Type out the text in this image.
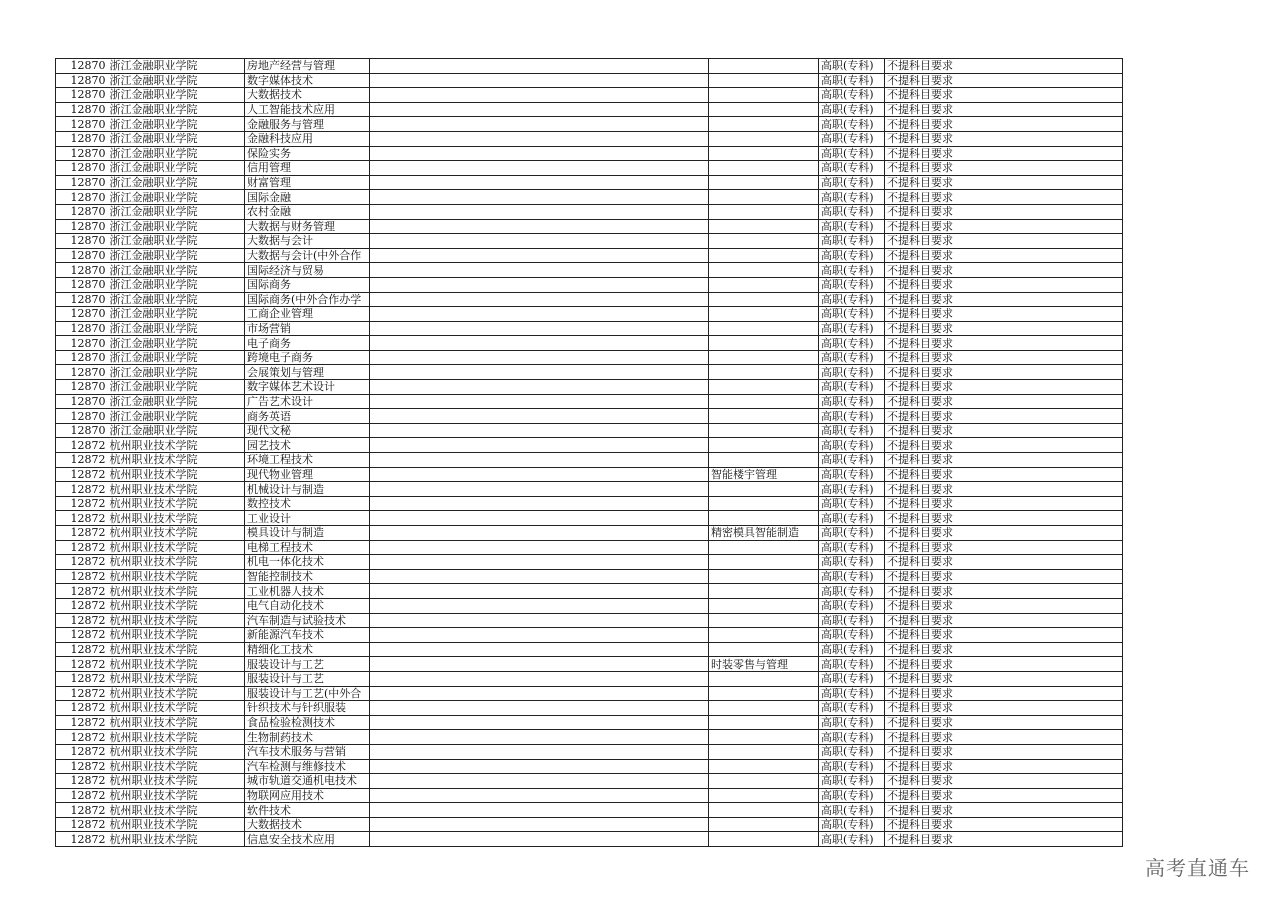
12870	浙江金融职业学院	房地产经营与管理			高职(专科)	不提科目要求
12870	浙江金融职业学院	数字媒体技术			高职(专科)	不提科目要求
12870	浙江金融职业学院	大数据技术			高职(专科)	不提科目要求
12870	浙江金融职业学院	人工智能技术应用			高职(专科)	不提科目要求
12870	浙江金融职业学院	金融服务与管理			高职(专科)	不提科目要求
12870	浙江金融职业学院	金融科技应用			高职(专科)	不提科目要求
12870	浙江金融职业学院	保险实务			高职(专科)	不提科目要求
12870	浙江金融职业学院	信用管理			高职(专科)	不提科目要求
12870	浙江金融职业学院	财富管理			高职(专科)	不提科目要求
12870	浙江金融职业学院	国际金融			高职(专科)	不提科目要求
12870	浙江金融职业学院	农村金融			高职(专科)	不提科目要求
12870	浙江金融职业学院	大数据与财务管理			高职(专科)	不提科目要求
12870	浙江金融职业学院	大数据与会计			高职(专科)	不提科目要求
12870	浙江金融职业学院	大数据与会计(中外合作			高职(专科)	不提科目要求
12870	浙江金融职业学院	国际经济与贸易			高职(专科)	不提科目要求
12870	浙江金融职业学院	国际商务			高职(专科)	不提科目要求
12870	浙江金融职业学院	国际商务(中外合作办学			高职(专科)	不提科目要求
12870	浙江金融职业学院	工商企业管理			高职(专科)	不提科目要求
12870	浙江金融职业学院	市场营销			高职(专科)	不提科目要求
12870	浙江金融职业学院	电子商务			高职(专科)	不提科目要求
12870	浙江金融职业学院	跨境电子商务			高职(专科)	不提科目要求
12870	浙江金融职业学院	会展策划与管理			高职(专科)	不提科目要求
12870	浙江金融职业学院	数字媒体艺术设计			高职(专科)	不提科目要求
12870	浙江金融职业学院	广告艺术设计			高职(专科)	不提科目要求
12870	浙江金融职业学院	商务英语			高职(专科)	不提科目要求
12870	浙江金融职业学院	现代文秘			高职(专科)	不提科目要求
12872	杭州职业技术学院	园艺技术			高职(专科)	不提科目要求
12872	杭州职业技术学院	环境工程技术			高职(专科)	不提科目要求
12872	杭州职业技术学院	现代物业管理		智能楼宇管理	高职(专科)	不提科目要求
12872	杭州职业技术学院	机械设计与制造			高职(专科)	不提科目要求
12872	杭州职业技术学院	数控技术			高职(专科)	不提科目要求
12872	杭州职业技术学院	工业设计			高职(专科)	不提科目要求
12872	杭州职业技术学院	模具设计与制造		精密模具智能制造	高职(专科)	不提科目要求
12872	杭州职业技术学院	电梯工程技术			高职(专科)	不提科目要求
12872	杭州职业技术学院	机电一体化技术			高职(专科)	不提科目要求
12872	杭州职业技术学院	智能控制技术			高职(专科)	不提科目要求
12872	杭州职业技术学院	工业机器人技术			高职(专科)	不提科目要求
12872	杭州职业技术学院	电气自动化技术			高职(专科)	不提科目要求
12872	杭州职业技术学院	汽车制造与试验技术			高职(专科)	不提科目要求
12872	杭州职业技术学院	新能源汽车技术			高职(专科)	不提科目要求
12872	杭州职业技术学院	精细化工技术			高职(专科)	不提科目要求
12872	杭州职业技术学院	服装设计与工艺		时装零售与管理	高职(专科)	不提科目要求
12872	杭州职业技术学院	服装设计与工艺			高职(专科)	不提科目要求
12872	杭州职业技术学院	服装设计与工艺(中外合			高职(专科)	不提科目要求
12872	杭州职业技术学院	针织技术与针织服装			高职(专科)	不提科目要求
12872	杭州职业技术学院	食品检验检测技术			高职(专科)	不提科目要求
12872	杭州职业技术学院	生物制药技术			高职(专科)	不提科目要求
12872	杭州职业技术学院	汽车技术服务与营销			高职(专科)	不提科目要求
12872	杭州职业技术学院	汽车检测与维修技术			高职(专科)	不提科目要求
12872	杭州职业技术学院	城市轨道交通机电技术			高职(专科)	不提科目要求
12872	杭州职业技术学院	物联网应用技术			高职(专科)	不提科目要求
12872	杭州职业技术学院	软件技术			高职(专科)	不提科目要求
12872	杭州职业技术学院	大数据技术			高职(专科)	不提科目要求
12872	杭州职业技术学院	信息安全技术应用			高职(专科)	不提科目要求
高考直通车
